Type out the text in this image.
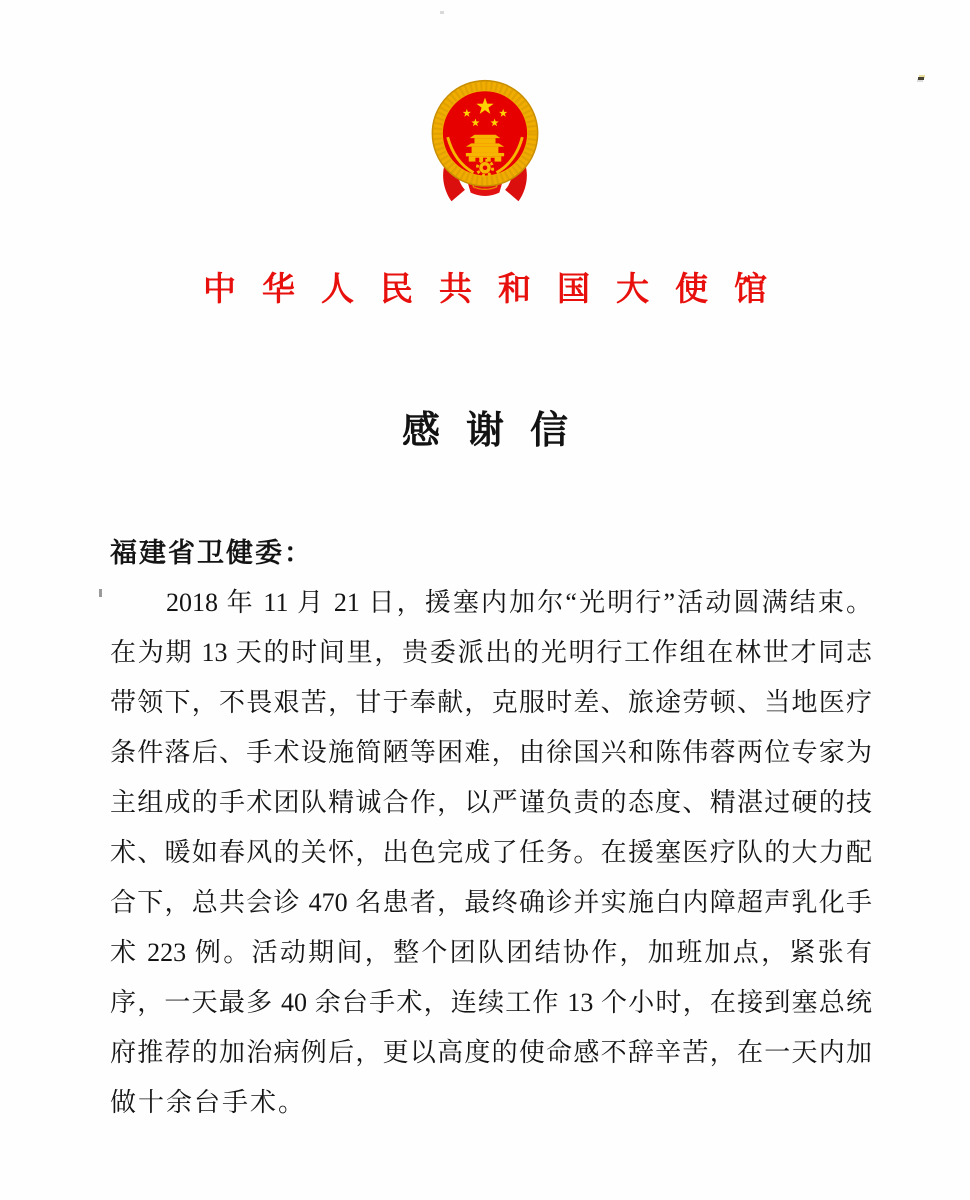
中华人民共和国大使馆
感谢信
福建省卫健委：
2018 年 11 月 21 日，援塞内加尔“光明行”活动圆满结束。
在为期 13 天的时间里，贵委派出的光明行工作组在林世才同志
带领下，不畏艰苦，甘于奉献，克服时差、旅途劳顿、当地医疗
条件落后、手术设施简陋等困难，由徐国兴和陈伟蓉两位专家为
主组成的手术团队精诚合作，以严谨负责的态度、精湛过硬的技
术、暖如春风的关怀，出色完成了任务。在援塞医疗队的大力配
合下，总共会诊 470 名患者，最终确诊并实施白内障超声乳化手
术 223 例。活动期间，整个团队团结协作，加班加点，紧张有
序，一天最多 40 余台手术，连续工作 13 个小时，在接到塞总统
府推荐的加治病例后，更以高度的使命感不辞辛苦，在一天内加
做十余台手术。
